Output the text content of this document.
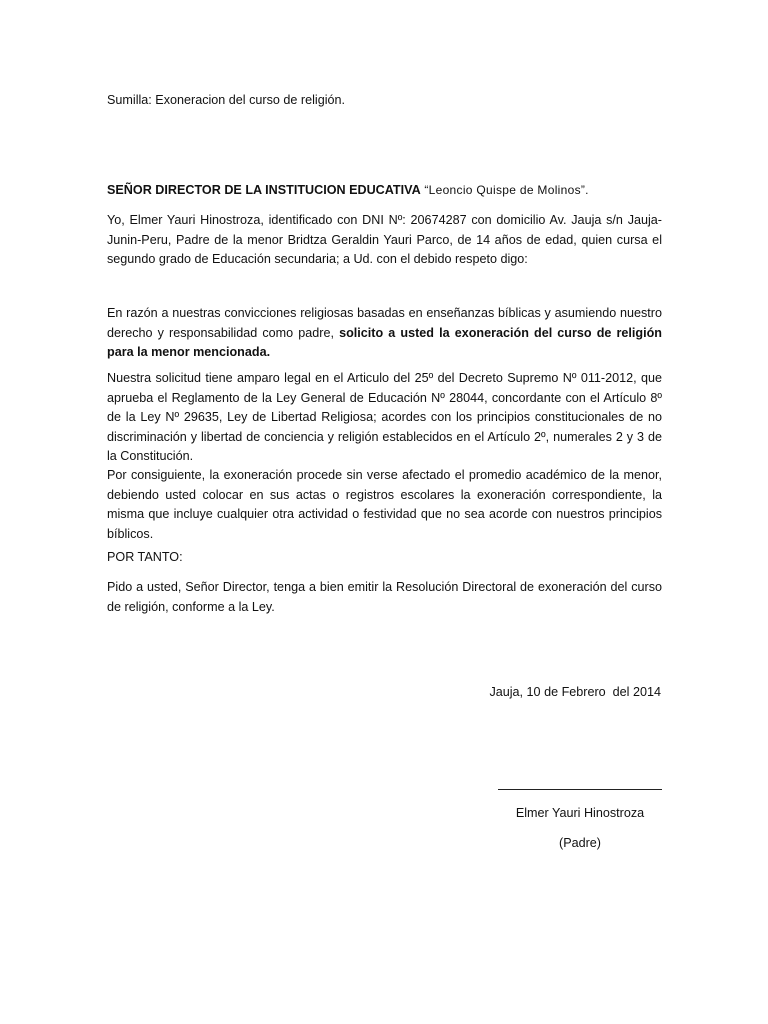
Sumilla: Exoneracion del curso de religión.
SEÑOR DIRECTOR DE LA INSTITUCION EDUCATIVA “Leoncio Quispe de Molinos”.
Yo, Elmer Yauri Hinostroza, identificado con DNI Nº: 20674287 con domicilio Av. Jauja s/n Jauja-Junin-Peru, Padre de la menor Bridtza Geraldin Yauri Parco, de 14 años de edad, quien cursa el segundo grado de Educación secundaria; a Ud. con el debido respeto digo:
En razón a nuestras convicciones religiosas basadas en enseñanzas bíblicas y asumiendo nuestro derecho y responsabilidad como padre, solicito a usted la exoneración del curso de religión para la menor mencionada.
Nuestra solicitud tiene amparo legal en el Articulo del 25º del Decreto Supremo Nº 011-2012, que aprueba el Reglamento de la Ley General de Educación Nº 28044, concordante con el Artículo 8º de la Ley Nº 29635, Ley de Libertad Religiosa; acordes con los principios constitucionales de no discriminación y libertad de conciencia y religión establecidos en el Artículo 2º, numerales 2 y 3 de la Constitución.
Por consiguiente, la exoneración procede sin verse afectado el promedio académico de la menor, debiendo usted colocar en sus actas o registros escolares la exoneración correspondiente, la misma que incluye cualquier otra actividad o festividad que no sea acorde con nuestros principios bíblicos.
POR TANTO:
Pido a usted, Señor Director, tenga a bien emitir la Resolución Directoral de exoneración del curso de religión, conforme a la Ley.
Jauja, 10 de Febrero  del 2014
Elmer Yauri Hinostroza
(Padre)
